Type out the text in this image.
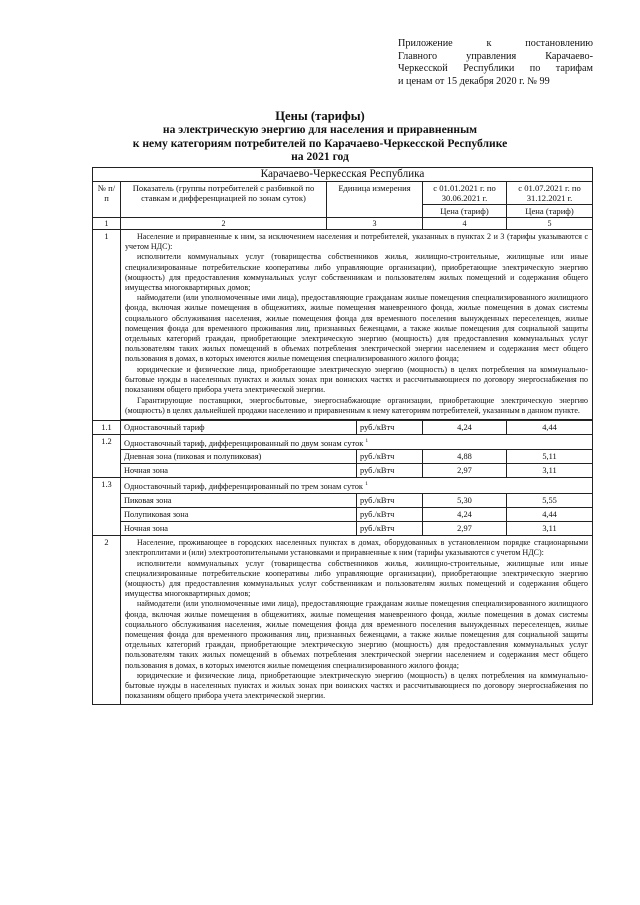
Приложение к постановлению
Главного управления Карачаево-
Черкесской Республики по тарифам
и ценам от 15 декабря 2020 г. № 99
Цены (тарифы)
на электрическую энергию для населения и приравненным
к нему категориям потребителей по Карачаево-Черкесской Республике
на 2021 год
Карачаево-Черкесская Республика					
№ п/п	Показатель (группы потребителей с разбивкой по ставкам и дифференциацией по зонам суток)	Единица измерения		с 01.01.2021 г. по 30.06.2021 г.	с 01.07.2021 г. по 31.12.2021 г.
				Цена (тариф)	Цена (тариф)
1	2	3		4	5
1	Население и приравненные к ним, за исключением населения и потребителей, указанных в пунктах 2 и 3 (тарифы указываются с учетом НДС):

исполнители коммунальных услуг (товарищества собственников жилья, жилищно-строительные, жилищные или иные специализированные потребительские кооперативы либо управляющие организации), приобретающие электрическую энергию (мощность) для предоставления коммунальных услуг собственникам и пользователям жилых помещений и содержания общего имущества многоквартирных домов;

наймодатели (или уполномоченные ими лица), предоставляющие гражданам жилые помещения специализированного жилищного фонда, включая жилые помещения в общежитиях, жилые помещения маневренного фонда, жилые помещения в домах системы социального обслуживания населения, жилые помещения фонда для временного поселения вынужденных переселенцев, жилые помещения фонда для временного проживания лиц, признанных беженцами, а также жилые помещения для социальной защиты отдельных категорий граждан, приобретающие электрическую энергию (мощность) для предоставления коммунальных услуг пользователям таких жилых помещений в объемах потребления электрической энергии населением и содержания мест общего пользования в домах, в которых имеются жилые помещения специализированного жилого фонда;

юридические и физические лица, приобретающие электрическую энергию (мощность) в целях потребления на коммунально-бытовые нужды в населенных пунктах и жилых зонах при воинских частях и рассчитывающиеся по договору энергоснабжения по показаниям общего прибора учета электрической энергии.

Гарантирующие поставщики, энергосбытовые, энергоснабжающие организации, приобретающие электрическую энергию (мощность) в целях дальнейшей продажи населению и приравненным к нему категориям потребителей, указанным в данном пункте.				

1.1	Одноставочный тариф		руб./кВтч	4,24	4,44
1.2	Одноставочный тариф, дифференцированный по двум зонам суток $^1$
	Дневная зона (пиковая и полупиковая)		руб./кВтч	4,88	5,11
	Ночная зона		руб./кВтч	2,97	3,11
1.3	Одноставочный тариф, дифференцированный по трем зонам суток $^1$
	Пиковая зона		руб./кВтч	5,30	5,55
	Полупиковая зона		руб./кВтч	4,24	4,44
	Ночная зона		руб./кВтч	2,97	3,11
2	Население, проживающее в городских населенных пунктах в домах, оборудованных в установленном порядке стационарными электроплитами и (или) электроотопительными установками и приравненные к ним (тарифы указываются с учетом НДС):

исполнители коммунальных услуг (товарищества собственников жилья, жилищно-строительные, жилищные или иные специализированные потребительские кооперативы либо управляющие организации), приобретающие электрическую энергию (мощность) для предоставления коммунальных услуг собственникам и пользователям жилых помещений и содержания общего имущества многоквартирных домов;

наймодатели (или уполномоченные ими лица), предоставляющие гражданам жилые помещения специализированного жилищного фонда, включая жилые помещения в общежитиях, жилые помещения маневренного фонда, жилые помещения в домах системы социального обслуживания населения, жилые помещения фонда для временного поселения вынужденных переселенцев, жилые помещения фонда для временного проживания лиц, признанных беженцами, а также жилые помещения для социальной защиты отдельных категорий граждан, приобретающие электрическую энергию (мощность) для предоставления коммунальных услуг пользователям таких жилых помещений в объемах потребления электрической энергии населением и содержания мест общего пользования в домах, в которых имеются жилые помещения специализированного жилого фонда;

юридические и физические лица, приобретающие электрическую энергию (мощность) в целях потребления на коммунально-бытовые нужды в населенных пунктах и жилых зонах при воинских частях и рассчитывающиеся по договору энергоснабжения по показаниям общего прибора учета электрической энергии.				
